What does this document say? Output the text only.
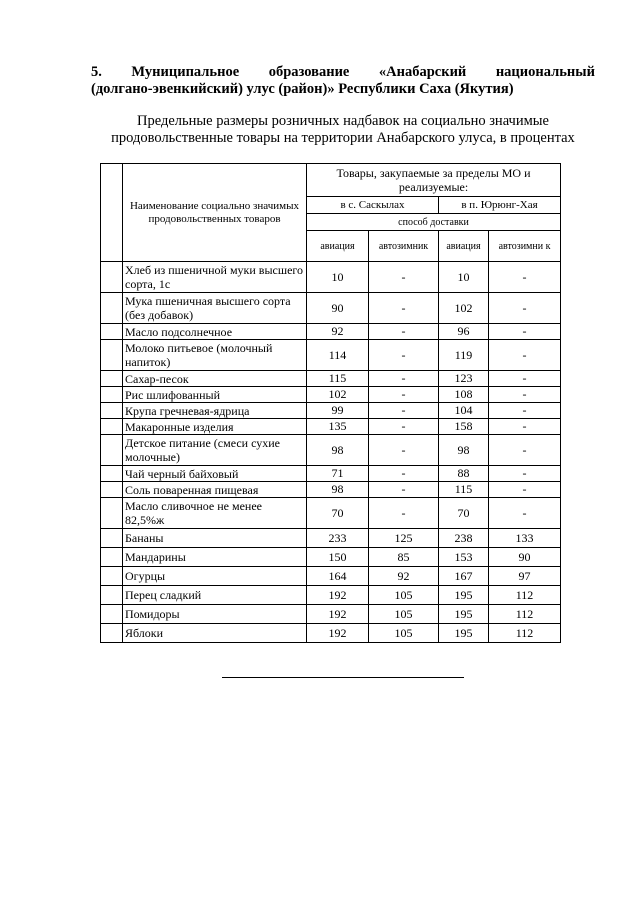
5. Муниципальное образование «Анабарский национальный
(долгано-эвенкийский) улус (район)» Республики Саха (Якутия)
Предельные размеры розничных надбавок на социально значимые
продовольственные товары на территории Анабарского улуса, в процентах
	Наименование социально значимых продовольственных товаров	Товары, закупаемые за пределы МО и реализуемые:			
		в с. Саскылах		в п. Юрюнг-Хая	
		способ доставки			
		авиация	автозимник	авиация	автозимни к
	Хлеб из пшеничной муки высшего сорта, 1с	10	-	10	-
	Мука пшеничная высшего сорта (без добавок)	90	-	102	-
	Масло подсолнечное	92	-	96	-
	Молоко питьевое (молочный напиток)	114	-	119	-
	Сахар-песок	115	-	123	-
	Рис шлифованный	102	-	108	-
	Крупа гречневая-ядрица	99	-	104	-
	Макаронные изделия	135	-	158	-
	Детское питание (смеси сухие молочные)	98	-	98	-
	Чай черный байховый	71	-	88	-
	Соль поваренная пищевая	98	-	115	-
	Масло сливочное не менее 82,5%ж	70	-	70	-
	Бананы	233	125	238	133
	Мандарины	150	85	153	90
	Огурцы	164	92	167	97
	Перец сладкий	192	105	195	112
	Помидоры	192	105	195	112
	Яблоки	192	105	195	112
